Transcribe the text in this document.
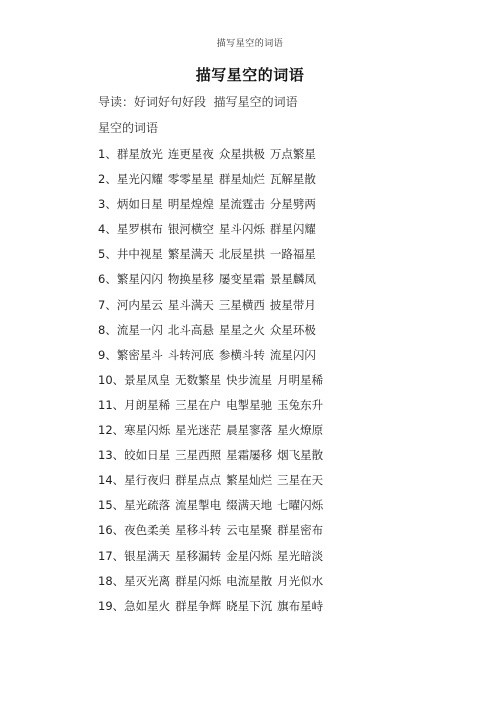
描写星空的词语
描写星空的词语
导读：好词好句好段  描写星空的词语
星空的词语
1、群星放光 连更星夜 众星拱极 万点繁星
2、星光闪耀 零零星星 群星灿烂 瓦解星散
3、炳如日星 明星煌煌 星流霆击 分星劈两
4、星罗棋布 银河横空 星斗闪烁 群星闪耀
5、井中视星 繁星满天 北辰星拱 一路福星
6、繁星闪闪 物换星移 屡变星霜 景星麟凤
7、河内星云 星斗满天 三星横西 披星带月
8、流星一闪 北斗高悬 星星之火 众星环极
9、繁密星斗 斗转河底 参横斗转 流星闪闪
10、景星凤皇 无数繁星 快步流星 月明星稀
11、月朗星稀 三星在户 电掣星驰 玉兔东升
12、寒星闪烁 星光迷茫 晨星寥落 星火燎原
13、皎如日星 三星西照 星霜屡移 烟飞星散
14、星行夜归 群星点点 繁星灿烂 三星在天
15、星光疏落 流星掣电 缀满天地 七曜闪烁
16、夜色柔美 星移斗转 云屯星聚 群星密布
17、银星满天 星移漏转 金星闪烁 星光暗淡
18、星灭光离 群星闪烁 电流星散 月光似水
19、急如星火 群星争辉 晓星下沉 旗布星峙
